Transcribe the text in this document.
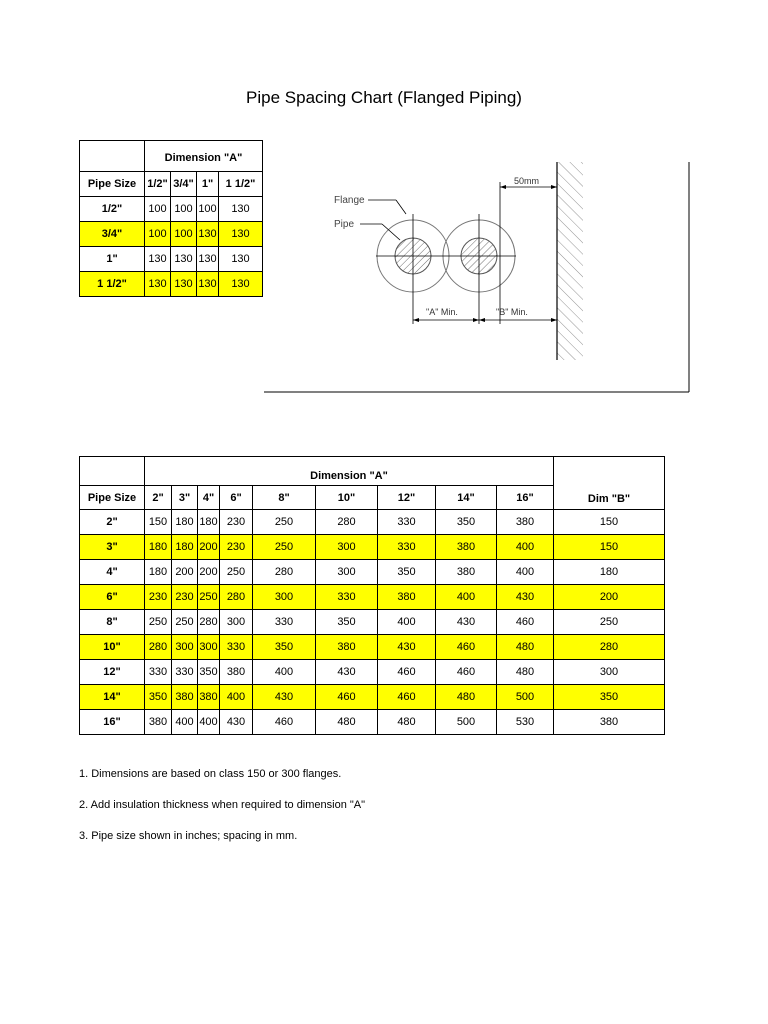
Pipe Spacing Chart (Flanged Piping)
	Dimension "A"			
Pipe Size	1/2"	3/4"	1"	1 1/2"
1/2"	100	100	100	130
3/4"	100	100	130	130
1"	130	130	130	130
1 1/2"	130	130	130	130
50mm
Flange
Pipe
"A" Min.	"B" Min.
	Dimension "A"									Dim "B"
Pipe Size	2"	3"	4"	6"	8"	10"	12"	14"	16"	
2"	150	180	180	230	250	280	330	350	380	150
3"	180	180	200	230	250	300	330	380	400	150
4"	180	200	200	250	280	300	350	380	400	180
6"	230	230	250	280	300	330	380	400	430	200
8"	250	250	280	300	330	350	400	430	460	250
10"	280	300	300	330	350	380	430	460	480	280
12"	330	330	350	380	400	430	460	460	480	300
14"	350	380	380	400	430	460	460	480	500	350
16"	380	400	400	430	460	480	480	500	530	380
1. Dimensions are based on class 150 or 300 flanges.
2. Add insulation thickness when required to dimension "A"
3. Pipe size shown in inches; spacing in mm.
